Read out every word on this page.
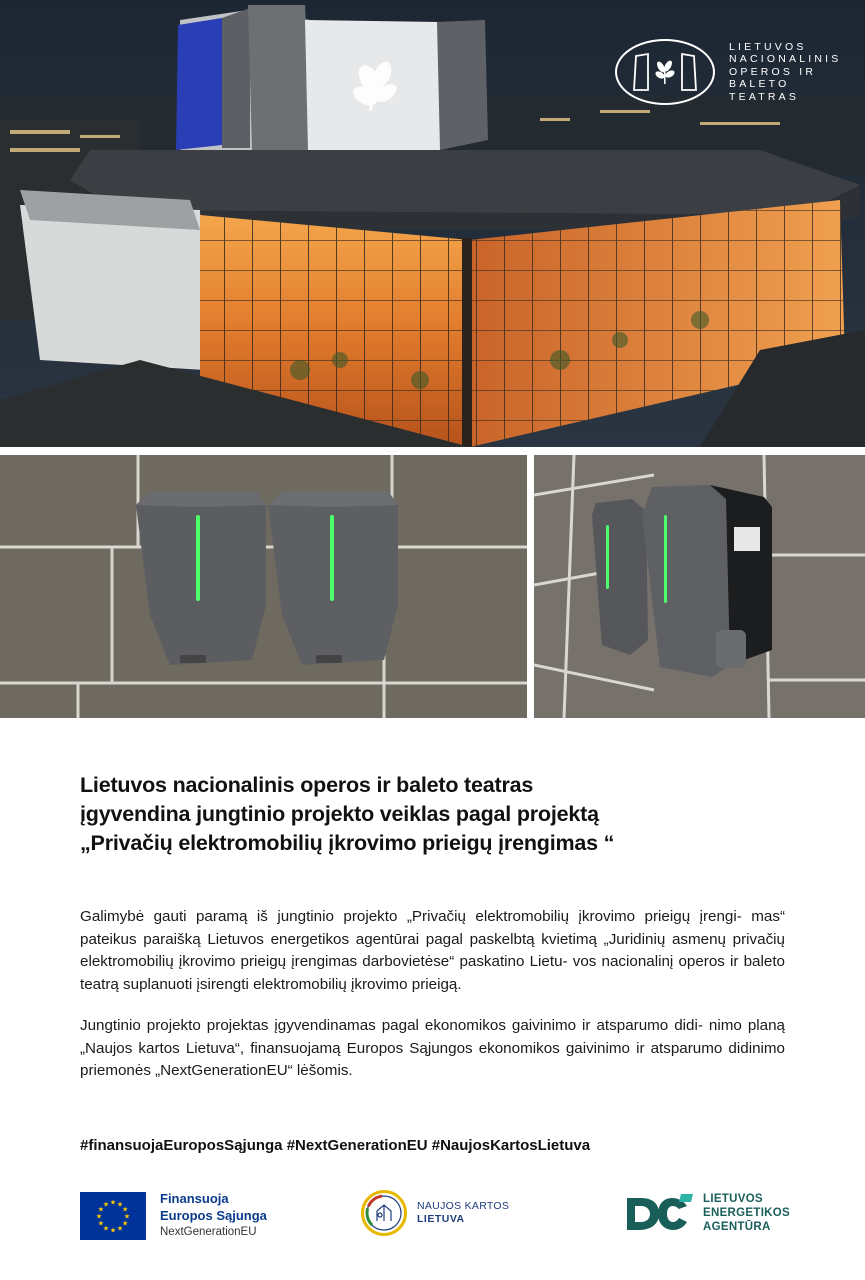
LIETUVOS
NACIONALINIS
OPEROS IR
BALETO
TEATRAS
Lietuvos nacionalinis operos ir baleto teatras
įgyvendina jungtinio projekto veiklas pagal projektą
„Privačių elektromobilių įkrovimo prieigų įrengimas “
Galimybė gauti paramą iš jungtinio projekto „Privačių elektromobilių įkrovimo prieigų įrengi- mas“ pateikus paraišką Lietuvos energetikos agentūrai pagal paskelbtą kvietimą „Juridinių asmenų privačių elektromobilių įkrovimo prieigų įrengimas darbovietėse“ paskatino Lietu- vos nacionalinį operos ir baleto teatrą suplanuoti įsirengti elektromobilių įkrovimo prieigą.
Jungtinio projekto projektas įgyvendinamas pagal ekonomikos gaivinimo ir atsparumo didi- nimo planą „Naujos kartos Lietuva“, finansuojamą Europos Sąjungos ekonomikos gaivinimo ir atsparumo didinimo priemonės „NextGenerationEU“ lėšomis.
#finansuojaEuroposSąjunga #NextGenerationEU #NaujosKartosLietuva
★ ★
★
★
★
★
★
★
★
★
★
★	Finansuoja
Europos Sąjunga
NextGenerationEU
NAUJOS KARTOS
LIETUVA
LIETUVOS
ENERGETIKOS
AGENTŪRA
